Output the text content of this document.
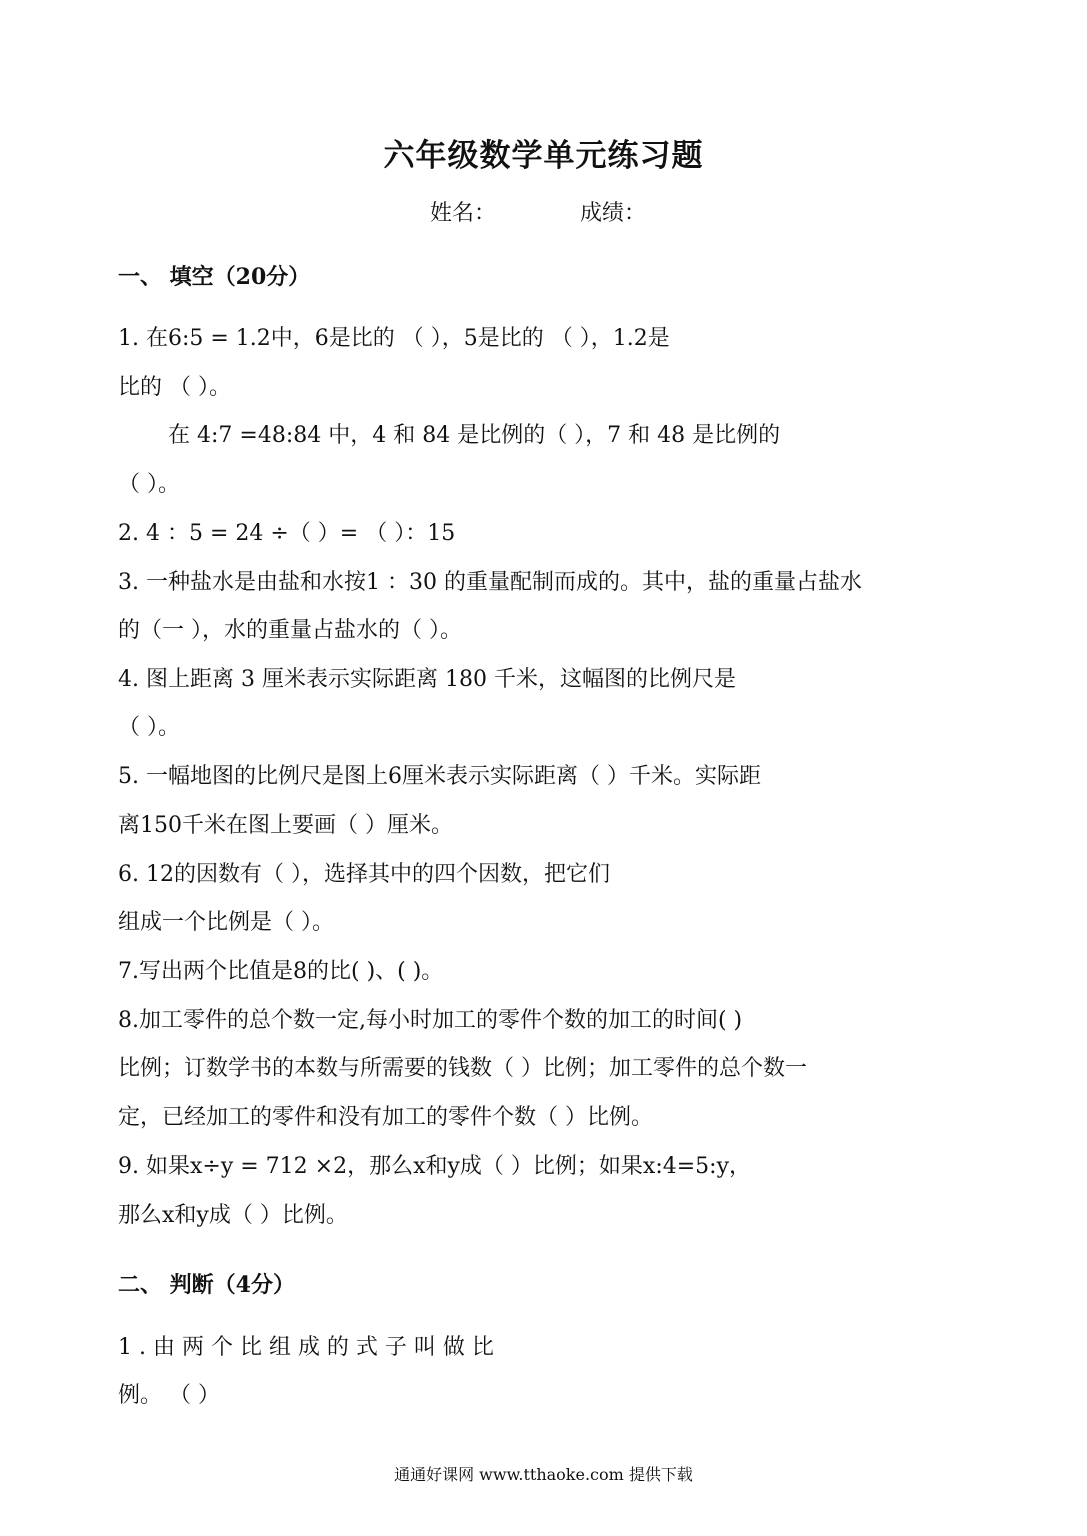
六年级数学单元练习题
姓名：	成绩：
一、 填空（20分）
1. 在6:5 = 1.2中，6是比的 （ ），5是比的 （ ），1.2是
比的 （ ）。
在 4:7 =48:84 中，4 和 84 是比例的（ ），7 和 48 是比例的
（ ）。
2. 4 ：5 = 24 ÷（ ）= （ ）：15
3. 一种盐水是由盐和水按1 ：30 的重量配制而成的。其中，盐的重量占盐水
的（一 ），水的重量占盐水的（ ）。
4. 图上距离 3 厘米表示实际距离 180 千米，这幅图的比例尺是
（ ）。
5. 一幅地图的比例尺是图上6厘米表示实际距离（ ）千米。实际距
离150千米在图上要画（ ）厘米。
6. 12的因数有（ ），选择其中的四个因数，把它们
组成一个比例是（ ）。
7.写出两个比值是8的比( )、( )。
8.加工零件的总个数一定,每小时加工的零件个数的加工的时间( )
比例；订数学书的本数与所需要的钱数（ ）比例；加工零件的总个数一
定，已经加工的零件和没有加工的零件个数（ ）比例。
9. 如果x÷y = 712 ×2，那么x和y成（ ）比例；如果x:4=5:y，
那么x和y成（ ）比例。
二、 判断（4分）
1 . 由 两 个 比 组 成 的 式 子 叫 做 比
例。 （ ）
通通好课网 www.tthaoke.com 提供下载
